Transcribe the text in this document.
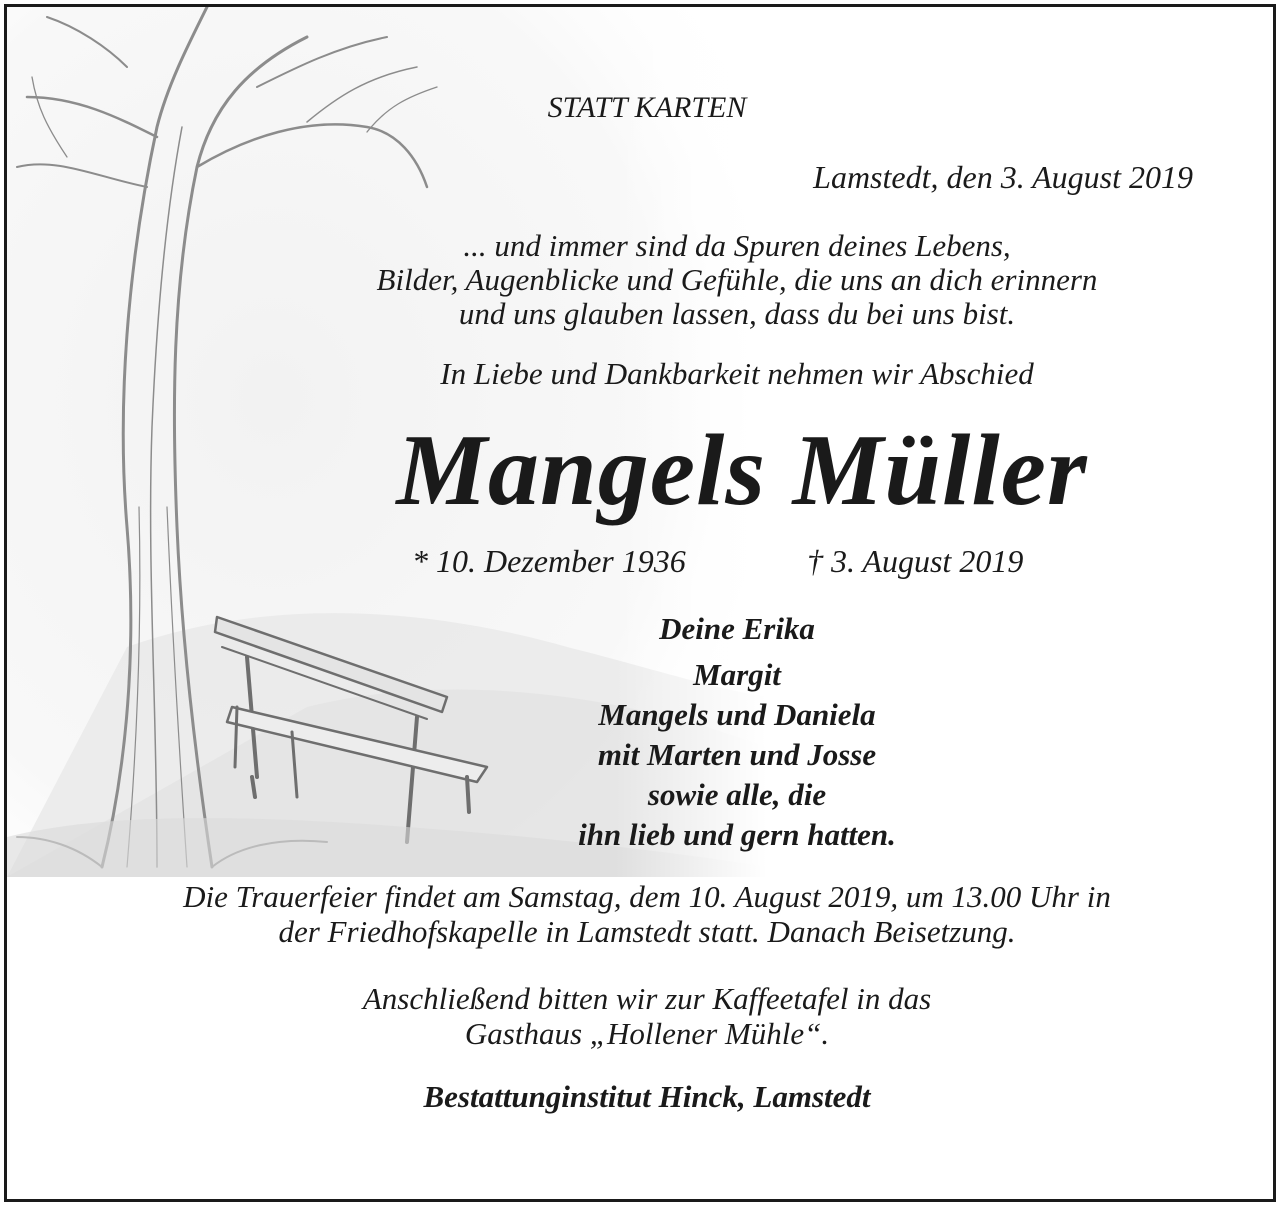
STATT KARTEN
Lamstedt, den 3. August 2019
... und immer sind da Spuren deines Lebens,
Bilder, Augenblicke und Gefühle, die uns an dich erinnern
und uns glauben lassen, dass du bei uns bist.
In Liebe und Dankbarkeit nehmen wir Abschied
Mangels Müller
* 10. Dezember 1936	† 3. August 2019
Deine Erika
Margit
Mangels und Daniela
mit Marten und Josse
sowie alle, die
ihn lieb und gern hatten.
Die Trauerfeier findet am Samstag, dem 10. August 2019, um 13.00 Uhr in
der Friedhofskapelle in Lamstedt statt. Danach Beisetzung.
Anschließend bitten wir zur Kaffeetafel in das
Gasthaus „Hollener Mühle“.
Bestattunginstitut Hinck, Lamstedt
